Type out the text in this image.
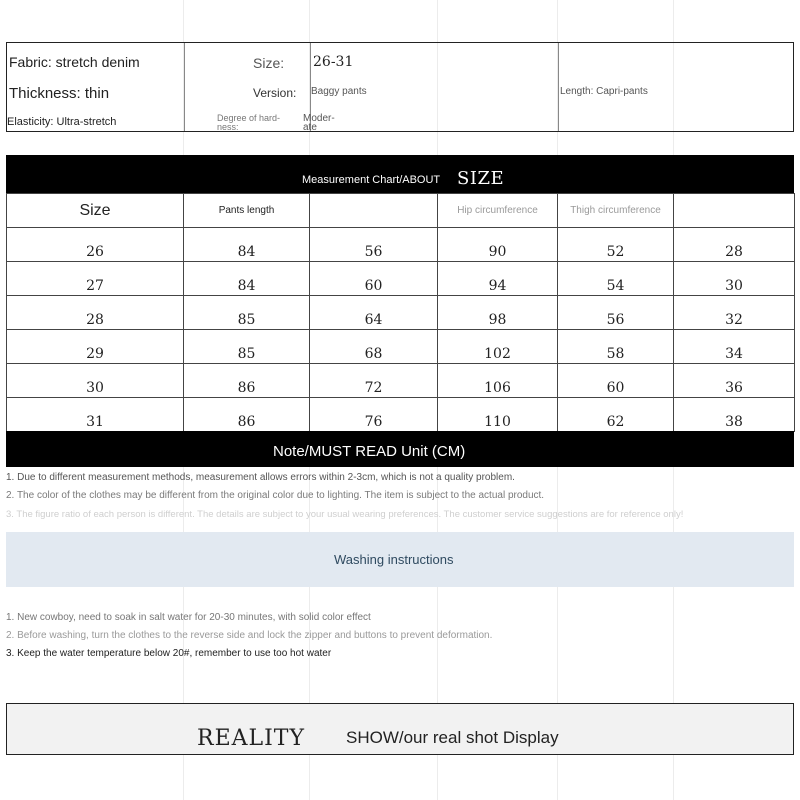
Fabric: stretch denim
Thickness: thin
Elasticity: Ultra-stretch
Size: 26-31
Version: Baggy pants
Degree of hard-
ness:
Moder-
ate
Length: Capri-pants
Measurement Chart/ABOUT SIZE
Size	Pants length		Hip circumference	Thigh circumference	
26	84	56	90	52	28
27	84	60	94	54	30
28	85	64	98	56	32
29	85	68	102	58	34
30	86	72	106	60	36
31	86	76	110	62	38
Note/MUST READ Unit (CM)
1. Due to different measurement methods, measurement allows errors within 2-3cm, which is not a quality problem.
2. The color of the clothes may be different from the original color due to lighting. The item is subject to the actual product.
3. The figure ratio of each person is different. The details are subject to your usual wearing preferences. The customer service suggestions are for reference only!
Washing instructions
1. New cowboy, need to soak in salt water for 20-30 minutes, with solid color effect
2. Before washing, turn the clothes to the reverse side and lock the zipper and buttons to prevent deformation.
3. Keep the water temperature below 20#, remember to use too hot water
REALITY SHOW/our real shot Display
